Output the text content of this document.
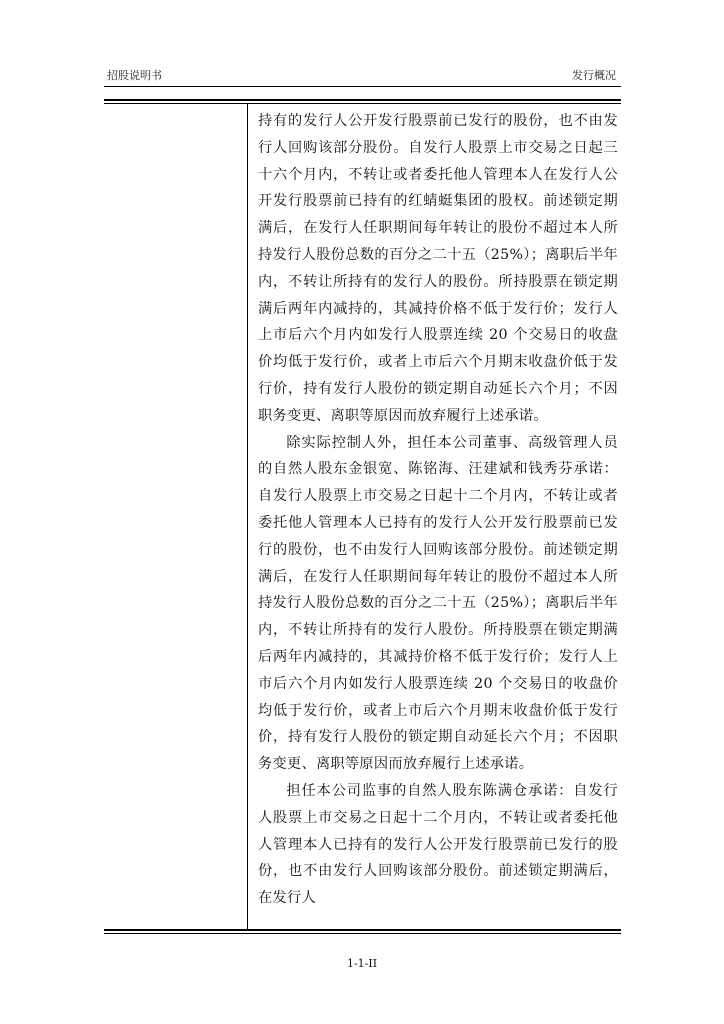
招股说明书	发行概况

持有的发行人公开发行股票前已发行的股份，也不由发行人回购该部分股份。自发行人股票上市交易之日起三十六个月内，不转让或者委托他人管理本人在发行人公开发行股票前已持有的红蜻蜓集团的股权。前述锁定期满后，在发行人任职期间每年转让的股份不超过本人所持发行人股份总数的百分之二十五（25%）；离职后半年内，不转让所持有的发行人的股份。所持股票在锁定期满后两年内减持的，其减持价格不低于发行价；发行人上市后六个月内如发行人股票连续 20 个交易日的收盘价均低于发行价，或者上市后六个月期末收盘价低于发行价，持有发行人股份的锁定期自动延长六个月；不因职务变更、离职等原因而放弃履行上述承诺。

除实际控制人外，担任本公司董事、高级管理人员的自然人股东金银宽、陈铭海、汪建斌和钱秀芬承诺：自发行人股票上市交易之日起十二个月内，不转让或者委托他人管理本人已持有的发行人公开发行股票前已发行的股份，也不由发行人回购该部分股份。前述锁定期满后，在发行人任职期间每年转让的股份不超过本人所持发行人股份总数的百分之二十五（25%）；离职后半年内，不转让所持有的发行人股份。所持股票在锁定期满后两年内减持的，其减持价格不低于发行价；发行人上市后六个月内如发行人股票连续 20 个交易日的收盘价均低于发行价，或者上市后六个月期末收盘价低于发行价，持有发行人股份的锁定期自动延长六个月；不因职务变更、离职等原因而放弃履行上述承诺。

担任本公司监事的自然人股东陈满仓承诺：自发行人股票上市交易之日起十二个月内，不转让或者委托他人管理本人已持有的发行人公开发行股票前已发行的股份，也不由发行人回购该部分股份。前述锁定期满后，在发行人

1-1-II
